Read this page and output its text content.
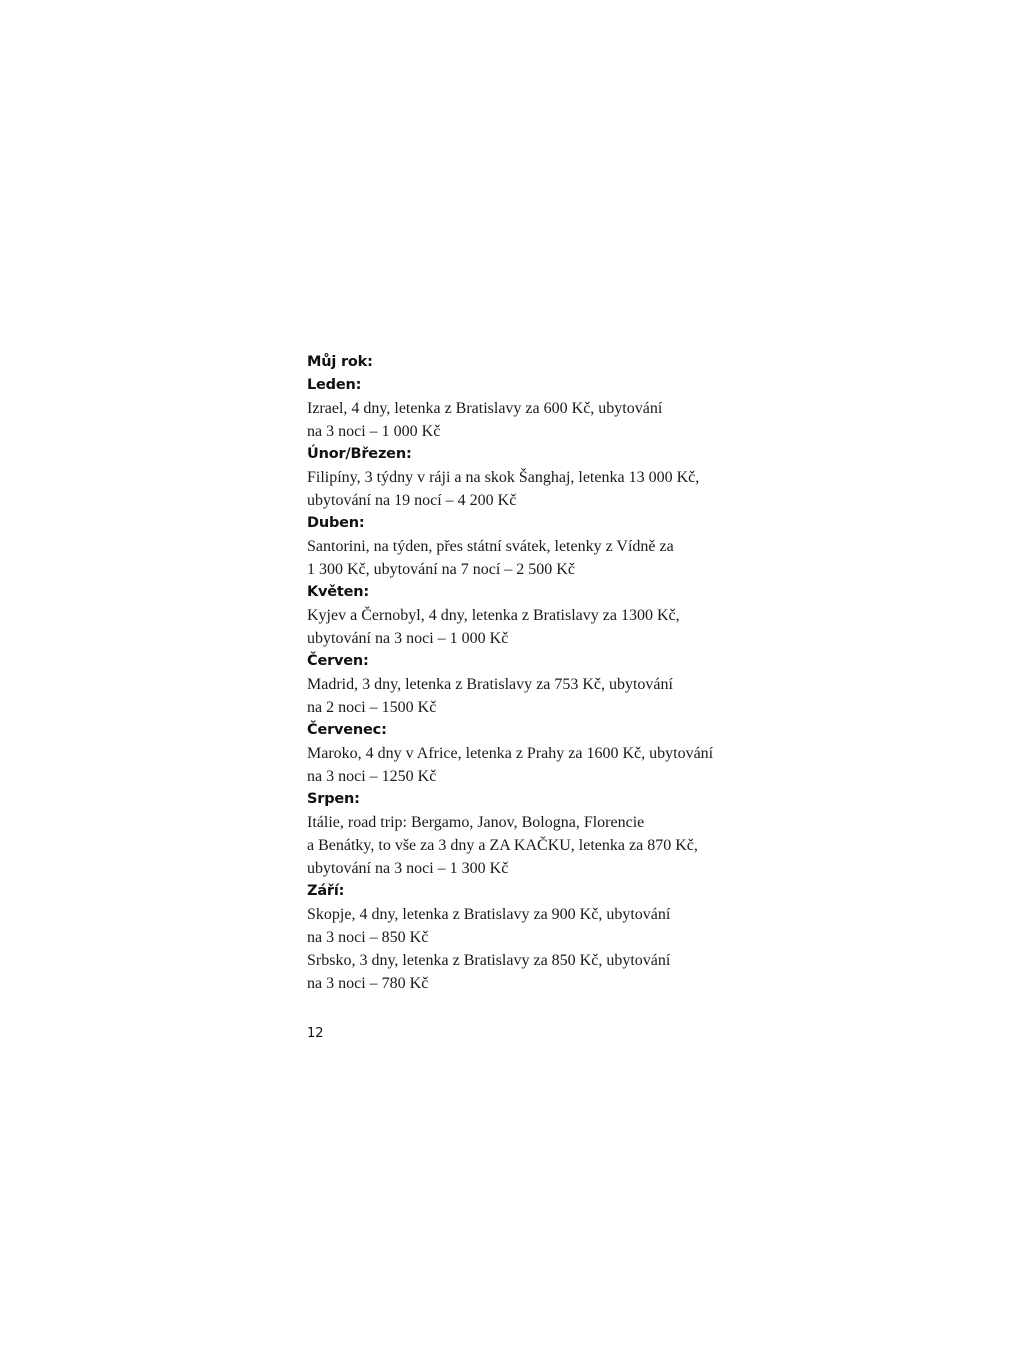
Můj rok:
Leden:
Izrael, 4 dny, letenka z Bratislavy za 600 Kč, ubytování
na 3 noci – 1 000 Kč
Únor/Březen:
Filipíny, 3 týdny v ráji a na skok Šanghaj, letenka 13 000 Kč,
ubytování na 19 nocí – 4 200 Kč
Duben:
Santorini, na týden, přes státní svátek, letenky z Vídně za
1 300 Kč, ubytování na 7 nocí – 2 500 Kč
Květen:
Kyjev a Černobyl, 4 dny, letenka z Bratislavy za 1300 Kč,
ubytování na 3 noci – 1 000 Kč
Červen:
Madrid, 3 dny, letenka z Bratislavy za 753 Kč, ubytování
na 2 noci – 1500 Kč
Červenec:
Maroko, 4 dny v Africe, letenka z Prahy za 1600 Kč, ubytování
na 3 noci – 1250 Kč
Srpen:
Itálie, road trip: Bergamo, Janov, Bologna, Florencie
a Benátky, to vše za 3 dny a ZA KAČKU, letenka za 870 Kč,
ubytování na 3 noci – 1 300 Kč
Září:
Skopje, 4 dny, letenka z Bratislavy za 900 Kč, ubytování
na 3 noci – 850 Kč
Srbsko, 3 dny, letenka z Bratislavy za 850 Kč, ubytování
na 3 noci – 780 Kč
12
